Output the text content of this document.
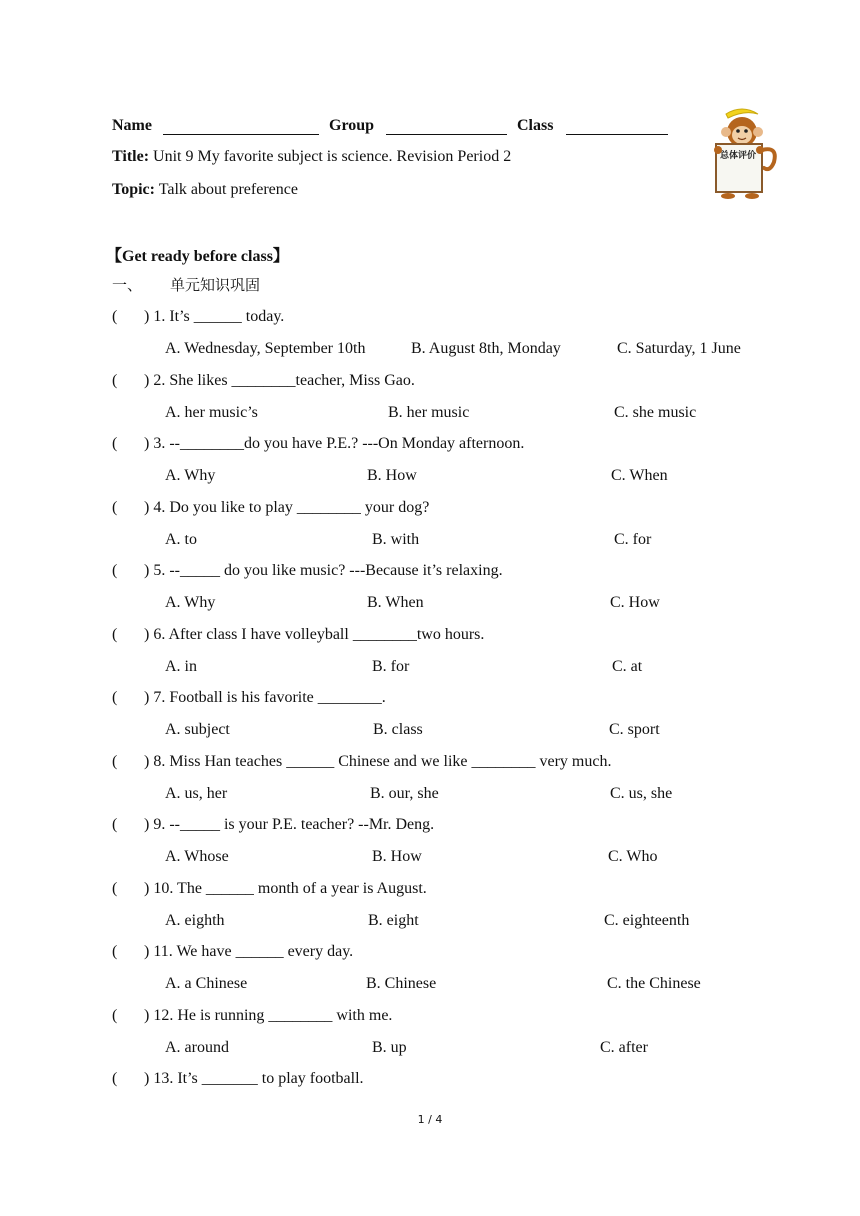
Name	Group	Class
Title: Unit 9 My favorite subject is science. Revision Period 2
Topic: Talk about preference
总体评价
【Get ready before class】
一、 单元知识巩固
( ) 1. It’s ______ today.
A. Wednesday, September 10th	B. August 8th, Monday	C. Saturday, 1 June
( ) 2. She likes ________teacher, Miss Gao.
A. her music’s	B. her music	C. she music
( ) 3. --________do you have P.E.? ---On Monday afternoon.
A. Why	B. How	C. When
( ) 4. Do you like to play ________ your dog?
A. to	B. with	C. for
( ) 5. --_____ do you like music? ---Because it’s relaxing.
A. Why	B. When	C. How
( ) 6. After class I have volleyball ________two hours.
A. in	B. for	C. at
( ) 7. Football is his favorite ________.
A. subject	B. class	C. sport
( ) 8. Miss Han teaches ______ Chinese and we like ________ very much.
A. us, her	B. our, she	C. us, she
( ) 9. --_____ is your P.E. teacher? --Mr. Deng.
A. Whose	B. How	C. Who
( ) 10. The ______ month of a year is August.
A. eighth	B. eight	C. eighteenth
( ) 11. We have ______ every day.
A. a Chinese	B. Chinese	C. the Chinese
( ) 12. He is running ________ with me.
A. around	B. up	C. after
( ) 13. It’s _______ to play football.
1 / 4
